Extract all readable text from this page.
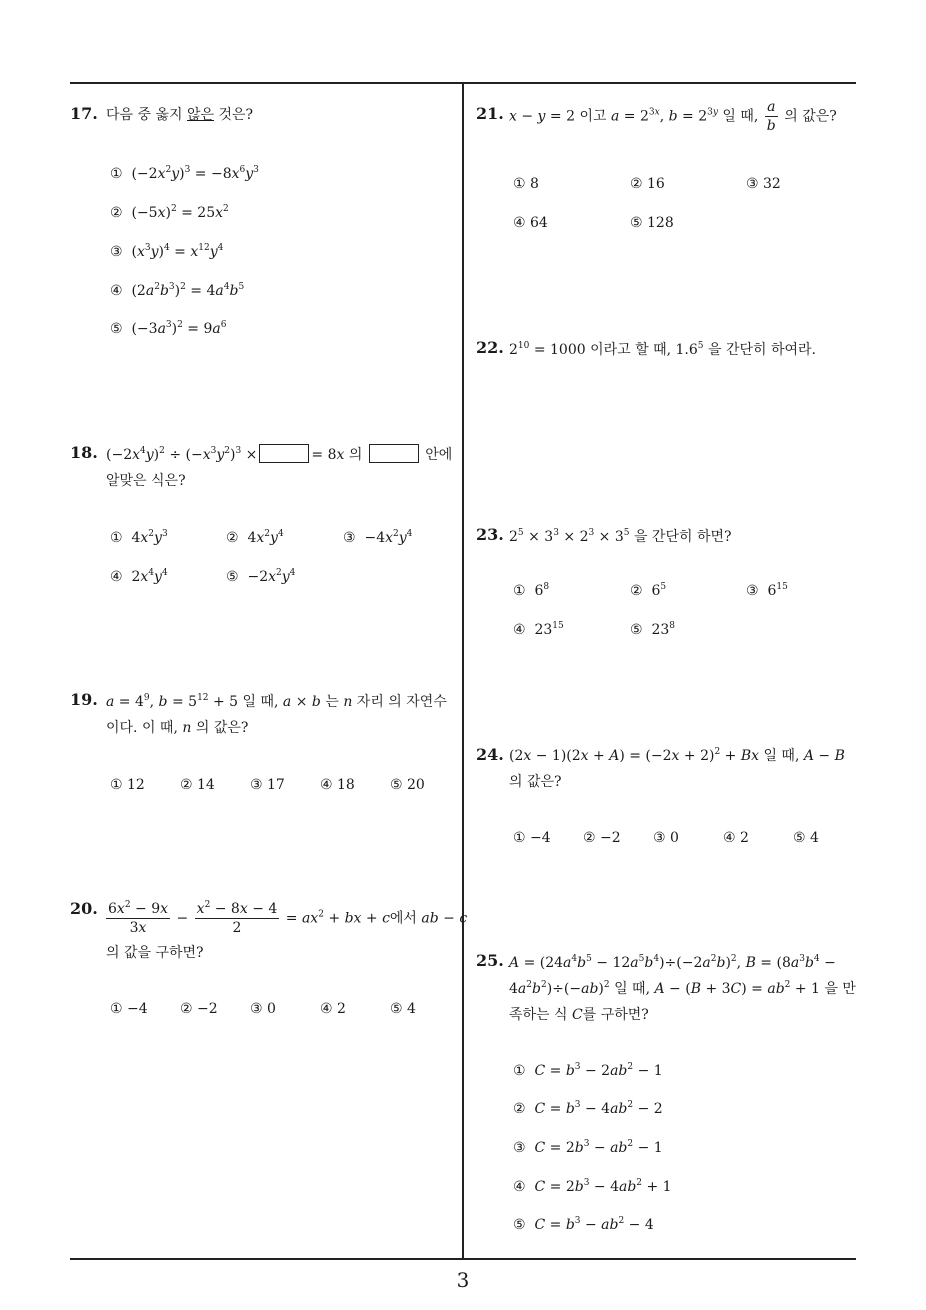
17. 다음 중 옳지 않은 것은?
①  $(-2x^2y)^3 = -8x^6y^3$
②  $(-5x)^2 = 25x^2$
③  $(x^3y)^4 = x^{12}y^4$
④  $(2a^2b^3)^2 = 4a^4b^5$
⑤  $(-3a^3)^2 = 9a^6$
18. $(-2x^4y)^2 \div (-x^3y^2)^3$ ×	= 8x 의	안에
알맞은 식은?
①  $4x^2y^3$	②  $4x^2y^4$	③  $-4x^2y^4$
④  $2x^4y^4$	⑤  $-2x^2y^4$
19. $a = 4^9$, $b = 5^{12} + 5$ 일 때, a × b 는 n 자리 의 자연수
이다. 이 때, n 의 값은?
① 12	② 14	③ 17	④ 18	⑤ 20
20. $\frac{6x^2 - 9x}{3x} - \frac{x^2 - 8x - 4}{2} = ax^2$ + bx + c에서 ab − c
의 값을 구하면?
① −4 ② −2 ③ 0	④ 2	⑤ 4
21. x − y = 2 이고 $a = 2^{3x}$, $b = 2^{3y}$ 일 때, $\frac{a}{b}$ 의 값은?
① 8	② 16	③ 32
④ 64	⑤ 128
22. $2^{10} = 1000$ 이라고 할 때, $1.6^5$ 을 간단히 하여라.
23. $2^5 \times 3^3 \times 2^3 \times 3^5$ 을 간단히 하면?
①  $6^8$	②  $6^5$	③  $6^{15}$
④  $23^{15}$	⑤  $23^8$
24. $(2x - 1)(2x + A) = (-2x + 2)^2 + Bx$ 일 때, A − B
의 값은?
① −4 ② −2 ③ 0	④ 2	⑤ 4
25. $A = (24a^4b^5 - 12a^5b^4)\div(-2a^2b)^2$, $B = (8a^3b^4$ −
$4a^2b^2)\div(-ab)^2$ 일 때, $A - (B + 3C) = ab^2 + 1$ 을 만
족하는 식 C를 구하면?
① $C = b^3 - 2ab^2 - 1$
② $C = b^3 - 4ab^2 - 2$
③ $C = 2b^3 - ab^2 - 1$
④ $C = 2b^3 - 4ab^2 + 1$
⑤ $C = b^3 - ab^2 - 4$
3
